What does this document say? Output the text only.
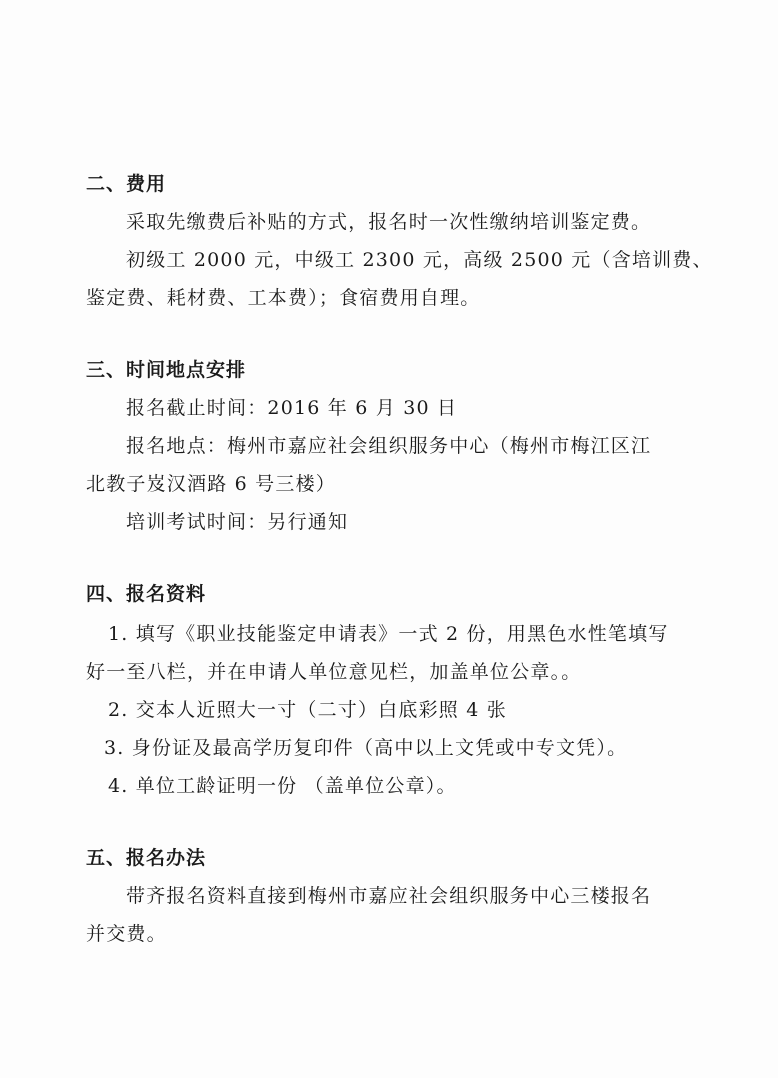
二、费用
采取先缴费后补贴的方式，报名时一次性缴纳培训鉴定费。
初级工 2000 元，中级工 2300 元，高级 2500 元（含培训费、
鉴定费、耗材费、工本费）；食宿费用自理。
三、时间地点安排
报名截止时间：2016 年 6 月 30 日
报名地点：梅州市嘉应社会组织服务中心（梅州市梅江区江
北教子岌汉酒路 6 号三楼）
培训考试时间：另行通知
四、报名资料
1. 填写《职业技能鉴定申请表》一式 2 份，用黑色水性笔填写
好一至八栏，并在申请人单位意见栏，加盖单位公章。。
2. 交本人近照大一寸（二寸）白底彩照 4 张
3. 身份证及最高学历复印件（高中以上文凭或中专文凭）。
4. 单位工龄证明一份 （盖单位公章）。
五、报名办法
带齐报名资料直接到梅州市嘉应社会组织服务中心三楼报名
并交费。
